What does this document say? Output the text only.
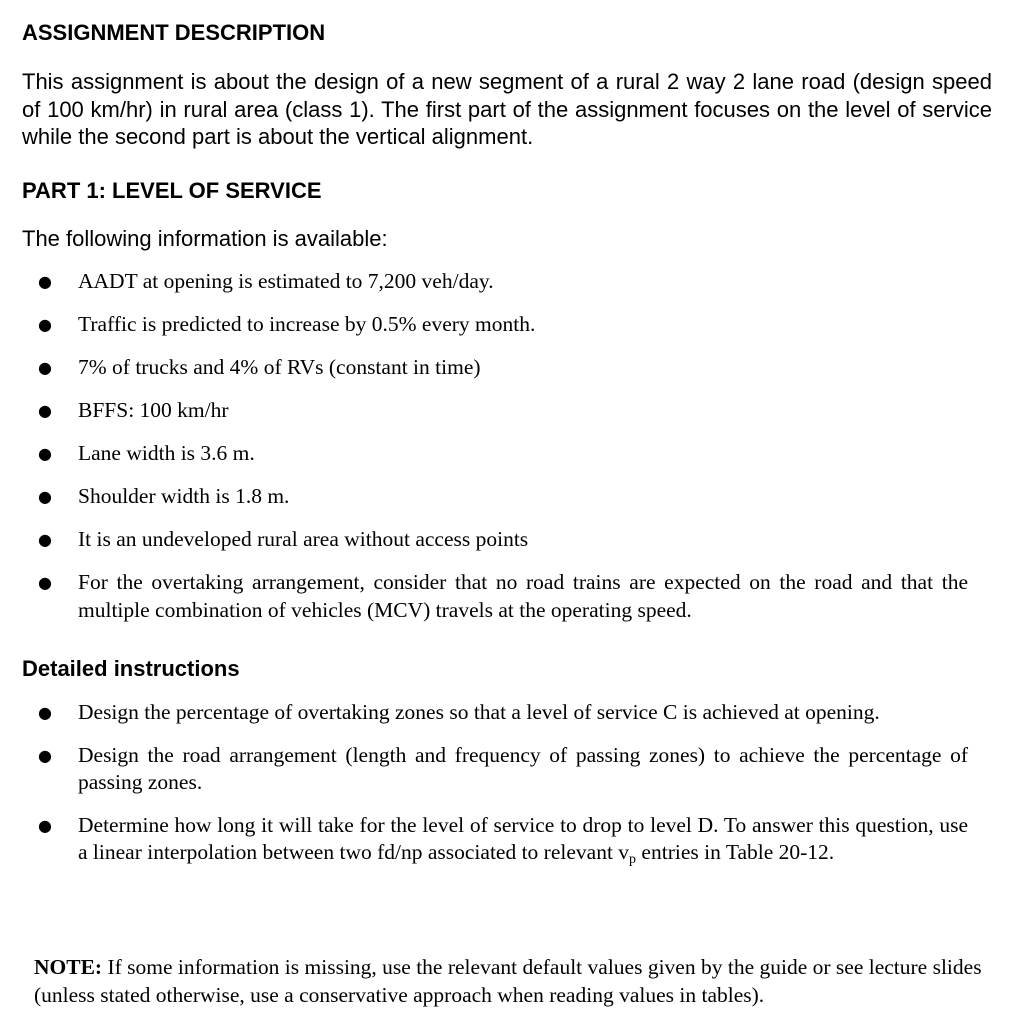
ASSIGNMENT DESCRIPTION

This assignment is about the design of a new segment of a rural 2 way 2 lane road (design speed of 100 km/hr) in rural area (class 1). The first part of the assignment focuses on the level of service while the second part is about the vertical alignment.

PART 1: LEVEL OF SERVICE

The following information is available:

● AADT at opening is estimated to 7,200 veh/day.
● Traffic is predicted to increase by 0.5% every month.
● 7% of trucks and 4% of RVs (constant in time)
● BFFS: 100 km/hr
● Lane width is 3.6 m.
● Shoulder width is 1.8 m.
● It is an undeveloped rural area without access points
● For the overtaking arrangement, consider that no road trains are expected on the road and that the multiple combination of vehicles (MCV) travels at the operating speed.
Detailed instructions
● Design the percentage of overtaking zones so that a level of service C is achieved at opening.
● Design the road arrangement (length and frequency of passing zones) to achieve the percentage of passing zones.
● Determine how long it will take for the level of service to drop to level D. To answer this question, use a linear interpolation between two fd/np associated to relevant $v_p$ entries in Table 20-12.

NOTE: If some information is missing, use the relevant default values given by the guide or see lecture slides (unless stated otherwise, use a conservative approach when reading values in tables).
